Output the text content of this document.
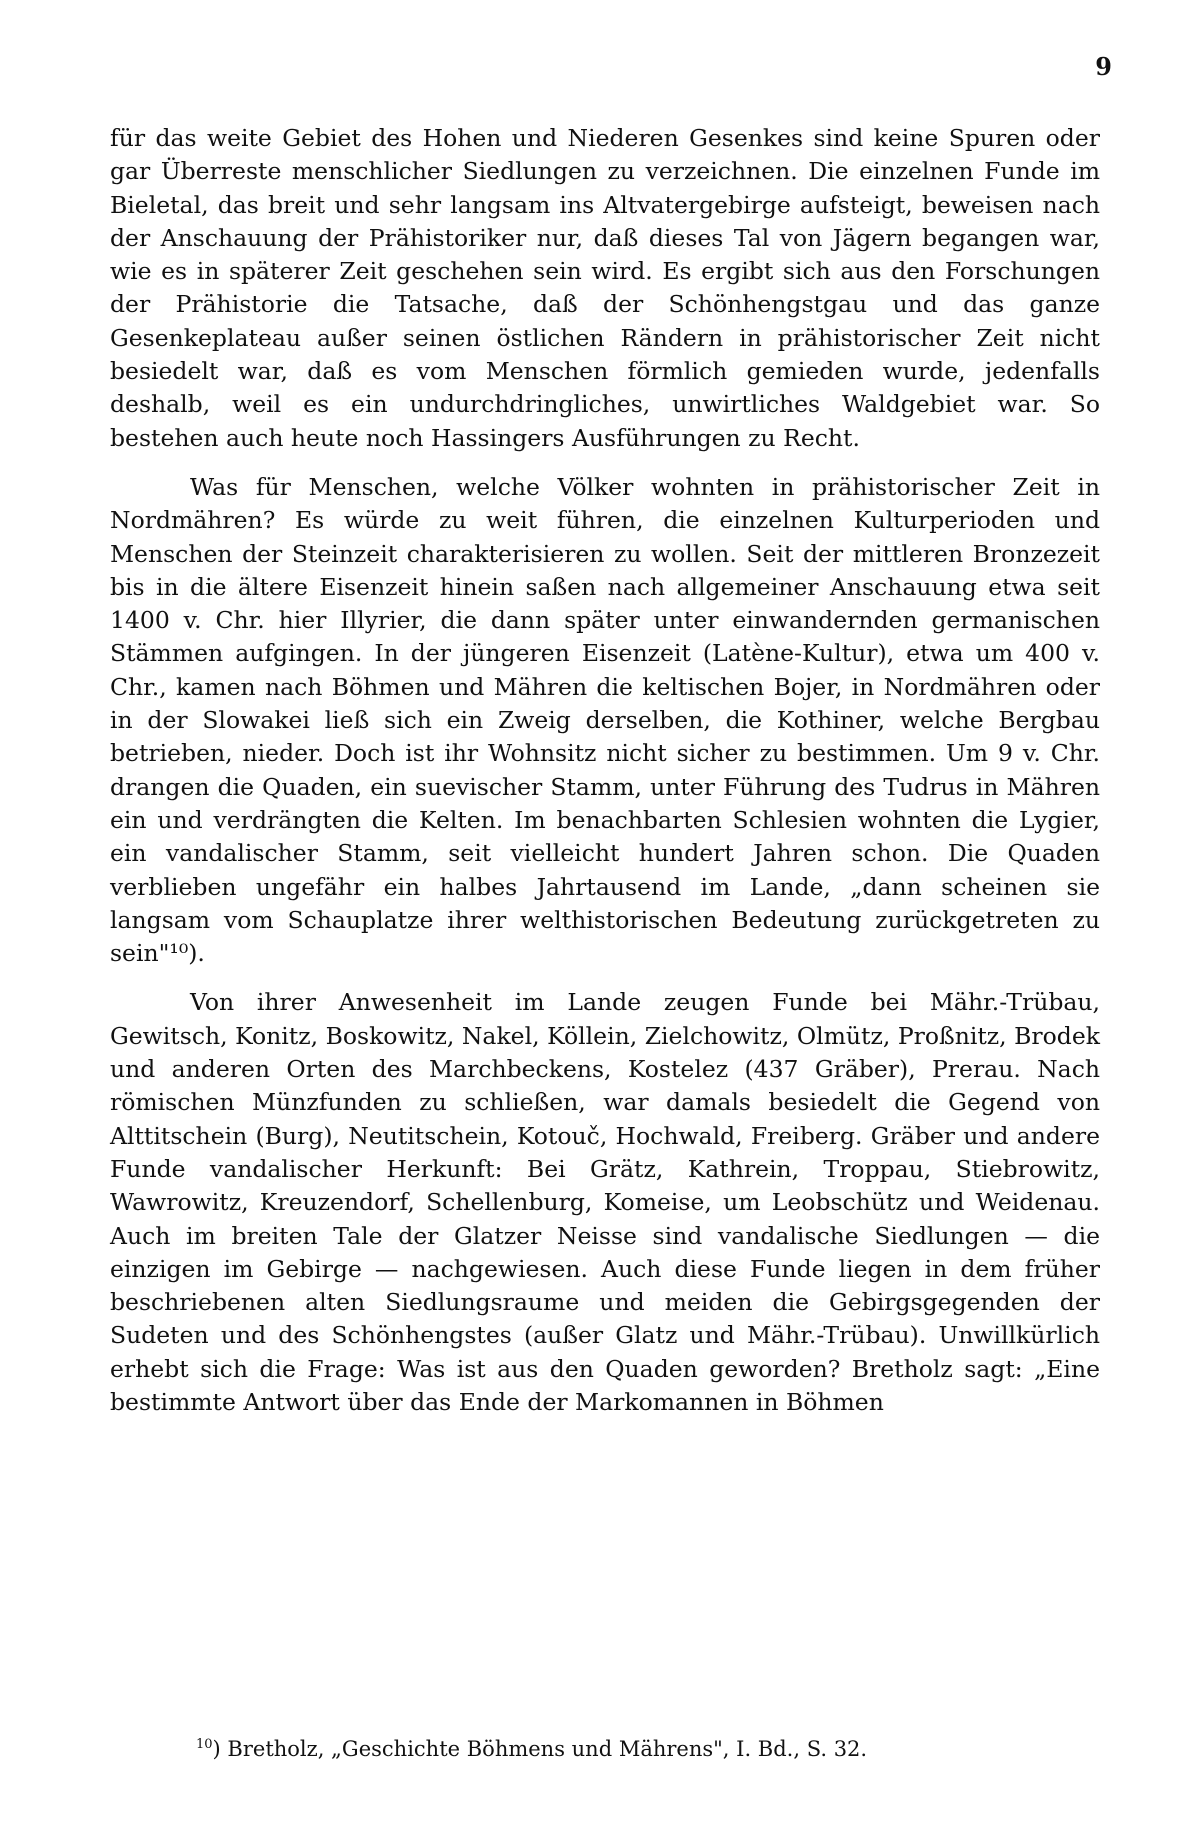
9

für das weite Gebiet des Hohen und Niederen Gesenkes sind keine Spuren oder gar Überreste menschlicher Siedlungen zu verzeichnen. Die einzelnen Funde im Bieletal, das breit und sehr langsam ins Altvatergebirge aufsteigt, beweisen nach der Anschauung der Prähistoriker nur, daß dieses Tal von Jägern begangen war, wie es in späterer Zeit geschehen sein wird. Es ergibt sich aus den Forschungen der Prähistorie die Tatsache, daß der Schönhengstgau und das ganze Gesenkeplateau außer seinen östlichen Rändern in prähistorischer Zeit nicht besiedelt war, daß es vom Menschen förmlich gemieden wurde, jedenfalls deshalb, weil es ein undurchdringliches, unwirtliches Waldgebiet war. So bestehen auch heute noch Hassingers Ausführungen zu Recht.

Was für Menschen, welche Völker wohnten in prähistorischer Zeit in Nordmähren? Es würde zu weit führen, die einzelnen Kulturperioden und Menschen der Steinzeit charakterisieren zu wollen. Seit der mittleren Bronzezeit bis in die ältere Eisenzeit hinein saßen nach allgemeiner Anschauung etwa seit 1400 v. Chr. hier Illyrier, die dann später unter einwandernden germanischen Stämmen aufgingen. In der jüngeren Eisenzeit (Latène-Kultur), etwa um 400 v. Chr., kamen nach Böhmen und Mähren die keltischen Bojer, in Nordmähren oder in der Slowakei ließ sich ein Zweig derselben, die Kothiner, welche Bergbau betrieben, nieder. Doch ist ihr Wohnsitz nicht sicher zu bestimmen. Um 9 v. Chr. drangen die Quaden, ein suevischer Stamm, unter Führung des Tudrus in Mähren ein und verdrängten die Kelten. Im benachbarten Schlesien wohnten die Lygier, ein vandalischer Stamm, seit vielleicht hundert Jahren schon. Die Quaden verblieben ungefähr ein halbes Jahrtausend im Lande, „dann scheinen sie langsam vom Schauplatze ihrer welthistorischen Bedeutung zurückgetreten zu sein"¹⁰).

Von ihrer Anwesenheit im Lande zeugen Funde bei Mähr.-Trübau, Gewitsch, Konitz, Boskowitz, Nakel, Köllein, Zielchowitz, Olmütz, Proßnitz, Brodek und anderen Orten des Marchbeckens, Kostelez (437 Gräber), Prerau. Nach römischen Münzfunden zu schließen, war damals besiedelt die Gegend von Alttitschein (Burg), Neutitschein, Kotouč, Hochwald, Freiberg. Gräber und andere Funde vandalischer Herkunft: Bei Grätz, Kathrein, Troppau, Stiebrowitz, Wawrowitz, Kreuzendorf, Schellenburg, Komeise, um Leobschütz und Weidenau. Auch im breiten Tale der Glatzer Neisse sind vandalische Siedlungen — die einzigen im Gebirge — nachgewiesen. Auch diese Funde liegen in dem früher beschriebenen alten Siedlungsraume und meiden die Gebirgsgegenden der Sudeten und des Schönhengstes (außer Glatz und Mähr.-Trübau). Unwillkürlich erhebt sich die Frage: Was ist aus den Quaden geworden? Bretholz sagt: „Eine bestimmte Antwort über das Ende der Markomannen in Böhmen

$^{10}$) Bretholz, „Geschichte Böhmens und Mährens", I. Bd., S. 32.
